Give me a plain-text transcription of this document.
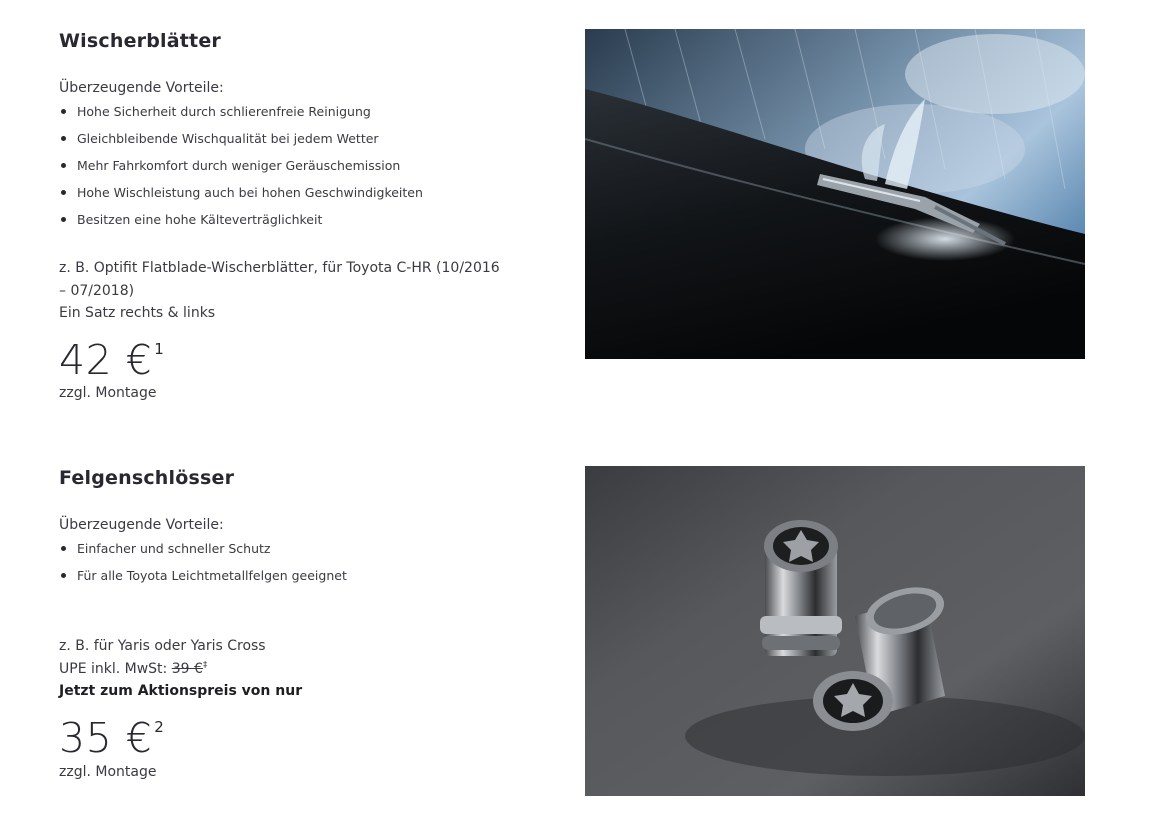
Wischerblätter
Überzeugende Vorteile:
Hohe Sicherheit durch schlierenfreie Reinigung
Gleichbleibende Wischqualität bei jedem Wetter
Mehr Fahrkomfort durch weniger Geräuschemission
Hohe Wischleistung auch bei hohen Geschwindigkeiten
Besitzen eine hohe Kälteverträglichkeit
z. B. Optifit Flatblade-Wischerblätter, für Toyota C-HR (10/2016 – 07/2018)
Ein Satz rechts & links
42 € $^1$
zzgl. Montage
Felgenschlösser
Überzeugende Vorteile:
Einfacher und schneller Schutz
Für alle Toyota Leichtmetallfelgen geeignet
z. B. für Yaris oder Yaris Cross
UPE inkl. MwSt: 39 €‡
Jetzt zum Aktionspreis von nur
35 € $^2$
zzgl. Montage
